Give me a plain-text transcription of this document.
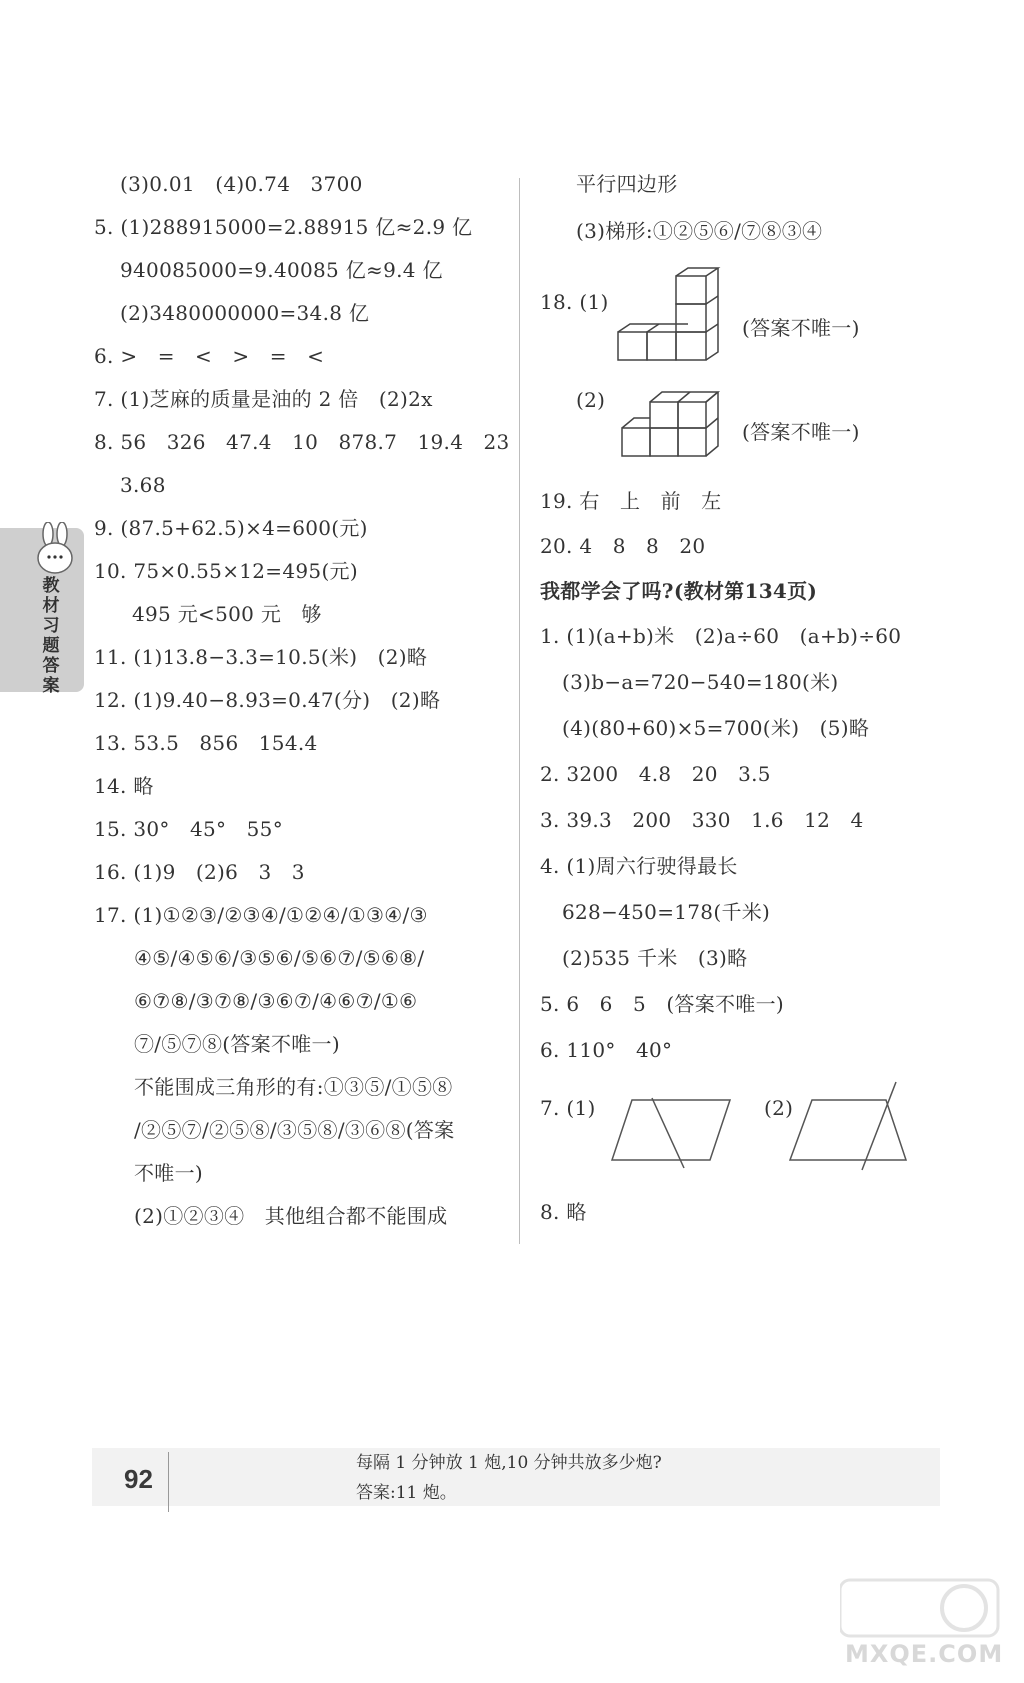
教材习题答案
(3)0.01　(4)0.74　3700
5. (1)288915000=2.88915 亿≈2.9 亿
940085000=9.40085 亿≈9.4 亿
(2)3480000000=34.8 亿
6. >　=　<　>　=　<
7. (1)芝麻的质量是油的 2 倍　(2)2x
8. 56　326　47.4　10　878.7　19.4　23
3.68
9. (87.5+62.5)×4=600(元)
10. 75×0.55×12=495(元)
495 元<500 元　够
11. (1)13.8−3.3=10.5(米)　(2)略
12. (1)9.40−8.93=0.47(分)　(2)略
13. 53.5　856　154.4
14. 略
15. 30°　45°　55°
16. (1)9　(2)6　3　3
17. (1)①②③/②③④/①②④/①③④/③
④⑤/④⑤⑥/③⑤⑥/⑤⑥⑦/⑤⑥⑧/
⑥⑦⑧/③⑦⑧/③⑥⑦/④⑥⑦/①⑥
⑦/⑤⑦⑧(答案不唯一)
不能围成三角形的有:①③⑤/①⑤⑧
/②⑤⑦/②⑤⑧/③⑤⑧/③⑥⑧(答案
不唯一)
(2)①②③④　其他组合都不能围成
平行四边形
(3)梯形:①②⑤⑥/⑦⑧③④
18. (1)
(答案不唯一)
(2)
(答案不唯一)
19. 右　上　前　左
20. 4　8　8　20
我都学会了吗?(教材第134页)
1. (1)(a+b)米　(2)a÷60　(a+b)÷60
(3)b−a=720−540=180(米)
(4)(80+60)×5=700(米)　(5)略
2. 3200　4.8　20　3.5
3. 39.3　200　330　1.6　12　4
4. (1)周六行驶得最长
628−450=178(千米)
(2)535 千米　(3)略
5. 6　6　5　(答案不唯一)
6. 110°　40°
7. (1)	(2)
8. 略
92
每隔 1 分钟放 1 炮,10 分钟共放多少炮?
答案:11 炮。
MXQE.COM
